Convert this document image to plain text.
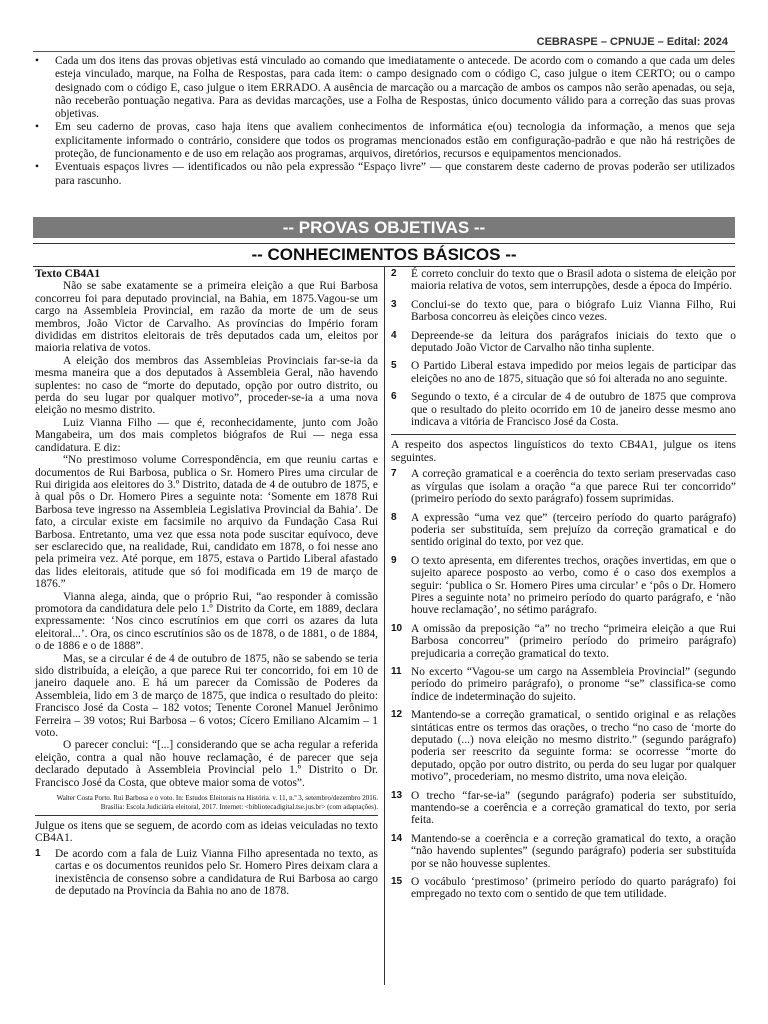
CEBRASPE – CPNUJE – Edital: 2024
• Cada um dos itens das provas objetivas está vinculado ao comando que imediatamente o antecede. De acordo com o comando a que cada um deles esteja vinculado, marque, na Folha de Respostas, para cada item: o campo designado com o código C, caso julgue o item CERTO; ou o campo designado com o código E, caso julgue o item ERRADO. A ausência de marcação ou a marcação de ambos os campos não serão apenadas, ou seja, não receberão pontuação negativa. Para as devidas marcações, use a Folha de Respostas, único documento válido para a correção das suas provas objetivas.
• Em seu caderno de provas, caso haja itens que avaliem conhecimentos de informática e(ou) tecnologia da informação, a menos que seja explicitamente informado o contrário, considere que todos os programas mencionados estão em configuração-padrão e que não há restrições de proteção, de funcionamento e de uso em relação aos programas, arquivos, diretórios, recursos e equipamentos mencionados.
• Eventuais espaços livres — identificados ou não pela expressão “Espaço livre” — que constarem deste caderno de provas poderão ser utilizados para rascunho.
-- PROVAS OBJETIVAS --
-- CONHECIMENTOS BÁSICOS --

Texto CB4A1

Não se sabe exatamente se a primeira eleição a que Rui Barbosa concorreu foi para deputado provincial, na Bahia, em 1875.Vagou-se um cargo na Assembleia Provincial, em razão da morte de um de seus membros, João Victor de Carvalho. As províncias do Império foram divididas em distritos eleitorais de três deputados cada um, eleitos por maioria relativa de votos.

A eleição dos membros das Assembleias Provinciais far-se-ia da mesma maneira que a dos deputados à Assembleia Geral, não havendo suplentes: no caso de “morte do deputado, opção por outro distrito, ou perda do seu lugar por qualquer motivo”, proceder-se-ia a uma nova eleição no mesmo distrito.

Luiz Vianna Filho — que é, reconhecidamente, junto com João Mangabeira, um dos mais completos biógrafos de Rui — nega essa candidatura. E diz:

“No prestimoso volume Correspondência, em que reuniu cartas e documentos de Rui Barbosa, publica o Sr. Homero Pires uma circular de Rui dirigida aos eleitores do 3.º Distrito, datada de 4 de outubro de 1875, e à qual pôs o Dr. Homero Pires a seguinte nota: ‘Somente em 1878 Rui Barbosa teve ingresso na Assembleia Legislativa Provincial da Bahia’. De fato, a circular existe em facsimile no arquivo da Fundação Casa Rui Barbosa. Entretanto, uma vez que essa nota pode suscitar equívoco, deve ser esclarecido que, na realidade, Rui, candidato em 1878, o foi nesse ano pela primeira vez. Até porque, em 1875, estava o Partido Liberal afastado das lides eleitorais, atitude que só foi modificada em 19 de março de 1876.”

Vianna alega, ainda, que o próprio Rui, “ao responder à comissão promotora da candidatura dele pelo 1.º Distrito da Corte, em 1889, declara expressamente: ‘Nos cinco escrutínios em que corri os azares da luta eleitoral...’. Ora, os cinco escrutínios são os de 1878, o de 1881, o de 1884, o de 1886 e o de 1888”.

Mas, se a circular é de 4 de outubro de 1875, não se sabendo se teria sido distribuída, a eleição, a que parece Rui ter concorrido, foi em 10 de janeiro daquele ano. E há um parecer da Comissão de Poderes da Assembleia, lido em 3 de março de 1875, que indica o resultado do pleito: Francisco José da Costa – 182 votos; Tenente Coronel Manuel Jerônimo Ferreira – 39 votos; Rui Barbosa – 6 votos; Cícero Emiliano Alcamim – 1 voto.

O parecer conclui: “[...] considerando que se acha regular a referida eleição, contra a qual não houve reclamação, é de parecer que seja declarado deputado à Assembleia Provincial pelo 1.º Distrito o Dr. Francisco José da Costa, que obteve maior soma de votos”.

Walter Costa Porto. Rui Barbosa e o voto. In: Estudos Eleitorais na História. v. 11, n.º 3, setembro/dezembro 2016. Brasília: Escola Judiciária eleitoral, 2017. Internet: <bibliotecadigital.tse.jus.br> (com adaptações).

Julgue os itens que se seguem, de acordo com as ideias veiculadas no texto CB4A1.

1	De acordo com a fala de Luiz Vianna Filho apresentada no texto, as cartas e os documentos reunidos pelo Sr. Homero Pires deixam clara a inexistência de consenso sobre a candidatura de Rui Barbosa ao cargo de deputado na Província da Bahia no ano de 1878.
2	É correto concluir do texto que o Brasil adota o sistema de eleição por maioria relativa de votos, sem interrupções, desde a época do Império.
3	Conclui-se do texto que, para o biógrafo Luiz Vianna Filho, Rui Barbosa concorreu às eleições cinco vezes.
4	Depreende-se da leitura dos parágrafos iniciais do texto que o deputado João Victor de Carvalho não tinha suplente.
5	O Partido Liberal estava impedido por meios legais de participar das eleições no ano de 1875, situação que só foi alterada no ano seguinte.
6	Segundo o texto, é a circular de 4 de outubro de 1875 que comprova que o resultado do pleito ocorrido em 10 de janeiro desse mesmo ano indicava a vitória de Francisco José da Costa.

A respeito dos aspectos linguísticos do texto CB4A1, julgue os itens seguintes.

7	A correção gramatical e a coerência do texto seriam preservadas caso as vírgulas que isolam a oração “a que parece Rui ter concorrido” (primeiro período do sexto parágrafo) fossem suprimidas.
8	A expressão “uma vez que” (terceiro período do quarto parágrafo) poderia ser substituída, sem prejuízo da correção gramatical e do sentido original do texto, por vez que.
9	O texto apresenta, em diferentes trechos, orações invertidas, em que o sujeito aparece posposto ao verbo, como é o caso dos exemplos a seguir: ‘publica o Sr. Homero Pires uma circular’ e ‘pôs o Dr. Homero Pires a seguinte nota’ no primeiro período do quarto parágrafo, e ‘não houve reclamação’, no sétimo parágrafo.
10 A omissão da preposição “a” no trecho “primeira eleição a que Rui Barbosa concorreu” (primeiro período do primeiro parágrafo) prejudicaria a correção gramatical do texto.
11 No excerto “Vagou-se um cargo na Assembleia Provincial” (segundo período do primeiro parágrafo), o pronome “se” classifica-se como índice de indeterminação do sujeito.
12 Mantendo-se a correção gramatical, o sentido original e as relações sintáticas entre os termos das orações, o trecho “no caso de ‘morte do deputado (...) nova eleição no mesmo distrito.” (segundo parágrafo) poderia ser reescrito da seguinte forma: se ocorresse “morte do deputado, opção por outro distrito, ou perda do seu lugar por qualquer motivo”, procederiam, no mesmo distrito, uma nova eleição.
13 O trecho “far-se-ia” (segundo parágrafo) poderia ser substituído, mantendo-se a coerência e a correção gramatical do texto, por seria feita.
14 Mantendo-se a coerência e a correção gramatical do texto, a oração “não havendo suplentes” (segundo parágrafo) poderia ser substituída por se não houvesse suplentes.
15 O vocábulo ‘prestimoso’ (primeiro período do quarto parágrafo) foi empregado no texto com o sentido de que tem utilidade.
